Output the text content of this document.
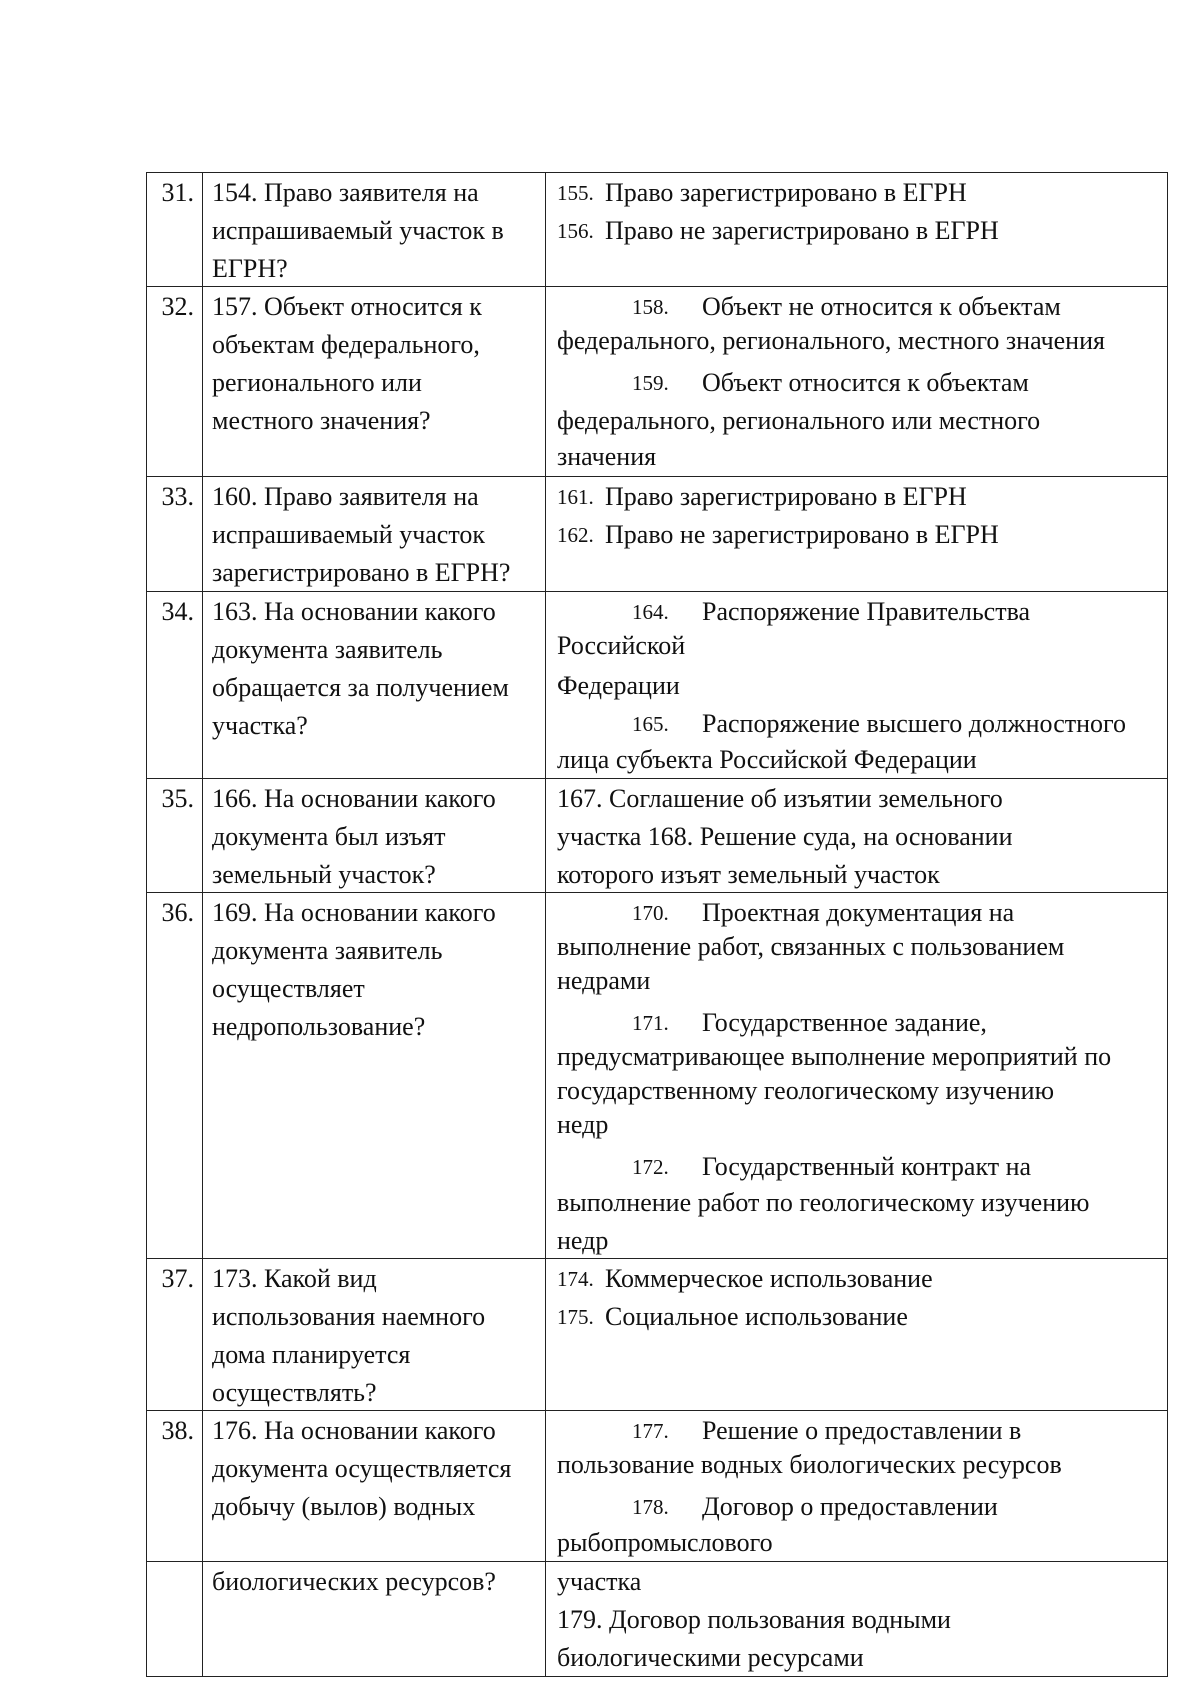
31. 154. Право заявителя на
испрашиваемый участок в
ЕГРН?
155. Право зарегистрировано в ЕГРН
156. Право не зарегистрировано в ЕГРН
32. 157. Объект относится к
объектам федерального,
регионального или
местного значения?
158. Объект не относится к объектам
федерального, регионального, местного значения
159. Объект относится к объектам
федерального, регионального или местного
значения
33. 160. Право заявителя на
испрашиваемый участок
зарегистрировано в ЕГРН?
161. Право зарегистрировано в ЕГРН
162. Право не зарегистрировано в ЕГРН
34. 163. На основании какого
документа заявитель
обращается за получением
участка?
164. Распоряжение Правительства
Российской
Федерации
165. Распоряжение высшего должностного
лица субъекта Российской Федерации
35. 166. На основании какого
документа был изъят
земельный участок?
167. Соглашение об изъятии земельного
участка 168. Решение суда, на основании
которого изъят земельный участок
36. 169. На основании какого
документа заявитель
осуществляет
недропользование?
170. Проектная документация на
выполнение работ, связанных с пользованием
недрами
171. Государственное задание,
предусматривающее выполнение мероприятий по
государственному геологическому изучению
недр
172. Государственный контракт на
выполнение работ по геологическому изучению
недр
37. 173. Какой вид
использования наемного
дома планируется
осуществлять?
174. Коммерческое использование
175. Социальное использование
38. 176. На основании какого
документа осуществляется
добычу (вылов) водных
177. Решение о предоставлении в
пользование водных биологических ресурсов
178. Договор о предоставлении
рыбопромыслового
биологических ресурсов? участка
179. Договор пользования водными
биологическими ресурсами
